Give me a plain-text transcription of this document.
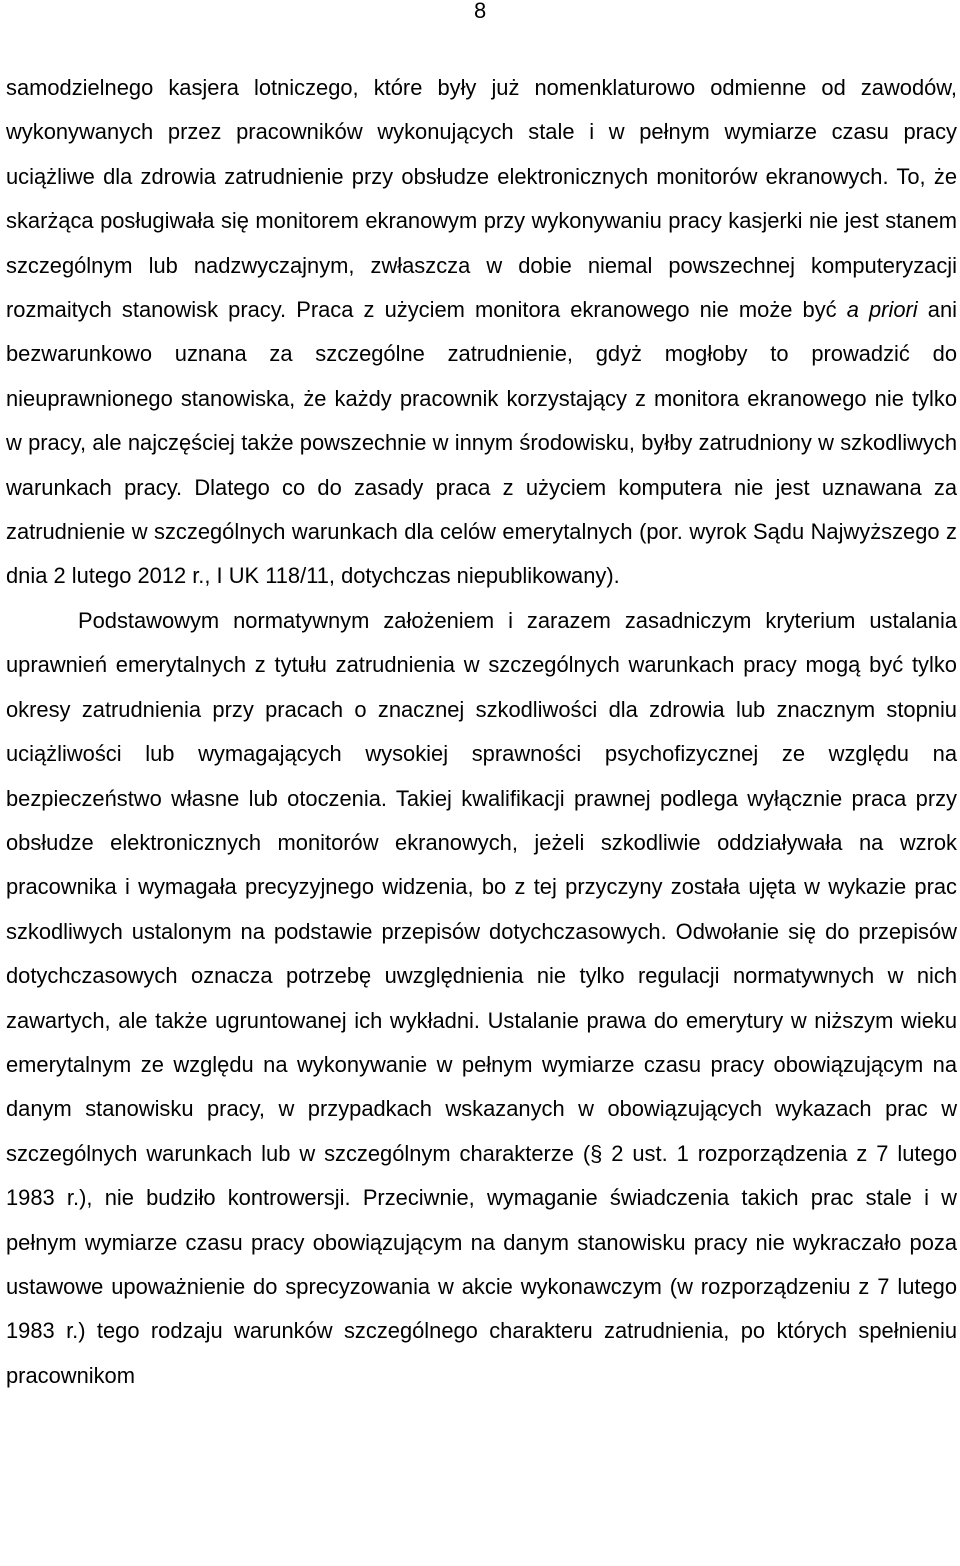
8

samodzielnego kasjera lotniczego, które były już nomenklaturowo odmienne od zawodów, wykonywanych przez pracowników wykonujących stale i w pełnym wymiarze czasu pracy uciążliwe dla zdrowia zatrudnienie przy obsłudze elektronicznych monitorów ekranowych. To, że skarżąca posługiwała się monitorem ekranowym przy wykonywaniu pracy kasjerki nie jest stanem szczególnym lub nadzwyczajnym, zwłaszcza w dobie niemal powszechnej komputeryzacji rozmaitych stanowisk pracy. Praca z użyciem monitora ekranowego nie może być a priori ani bezwarunkowo uznana za szczególne zatrudnienie, gdyż mogłoby to prowadzić do nieuprawnionego stanowiska, że każdy pracownik korzystający z monitora ekranowego nie tylko w pracy, ale najczęściej także powszechnie w innym środowisku, byłby zatrudniony w szkodliwych warunkach pracy. Dlatego co do zasady praca z użyciem komputera nie jest uznawana za zatrudnienie w szczególnych warunkach dla celów emerytalnych (por. wyrok Sądu Najwyższego z dnia 2 lutego 2012 r., I UK 118/11, dotychczas niepublikowany).

Podstawowym normatywnym założeniem i zarazem zasadniczym kryterium ustalania uprawnień emerytalnych z tytułu zatrudnienia w szczególnych warunkach pracy mogą być tylko okresy zatrudnienia przy pracach o znacznej szkodliwości dla zdrowia lub znacznym stopniu uciążliwości lub wymagających wysokiej sprawności psychofizycznej ze względu na bezpieczeństwo własne lub otoczenia. Takiej kwalifikacji prawnej podlega wyłącznie praca przy obsłudze elektronicznych monitorów ekranowych, jeżeli szkodliwie oddziaływała na wzrok pracownika i wymagała precyzyjnego widzenia, bo z tej przyczyny została ujęta w wykazie prac szkodliwych ustalonym na podstawie przepisów dotychczasowych. Odwołanie się do przepisów dotychczasowych oznacza potrzebę uwzględnienia nie tylko regulacji normatywnych w nich zawartych, ale także ugruntowanej ich wykładni. Ustalanie prawa do emerytury w niższym wieku emerytalnym ze względu na wykonywanie w pełnym wymiarze czasu pracy obowiązującym na danym stanowisku pracy, w przypadkach wskazanych w obowiązujących wykazach prac w szczególnych warunkach lub w szczególnym charakterze (§ 2 ust. 1 rozporządzenia z 7 lutego 1983 r.), nie budziło kontrowersji. Przeciwnie, wymaganie świadczenia takich prac stale i w pełnym wymiarze czasu pracy obowiązującym na danym stanowisku pracy nie wykraczało poza ustawowe upoważnienie do sprecyzowania w akcie wykonawczym (w rozporządzeniu z 7 lutego 1983 r.) tego rodzaju warunków szczególnego charakteru zatrudnienia, po których spełnieniu pracownikom
